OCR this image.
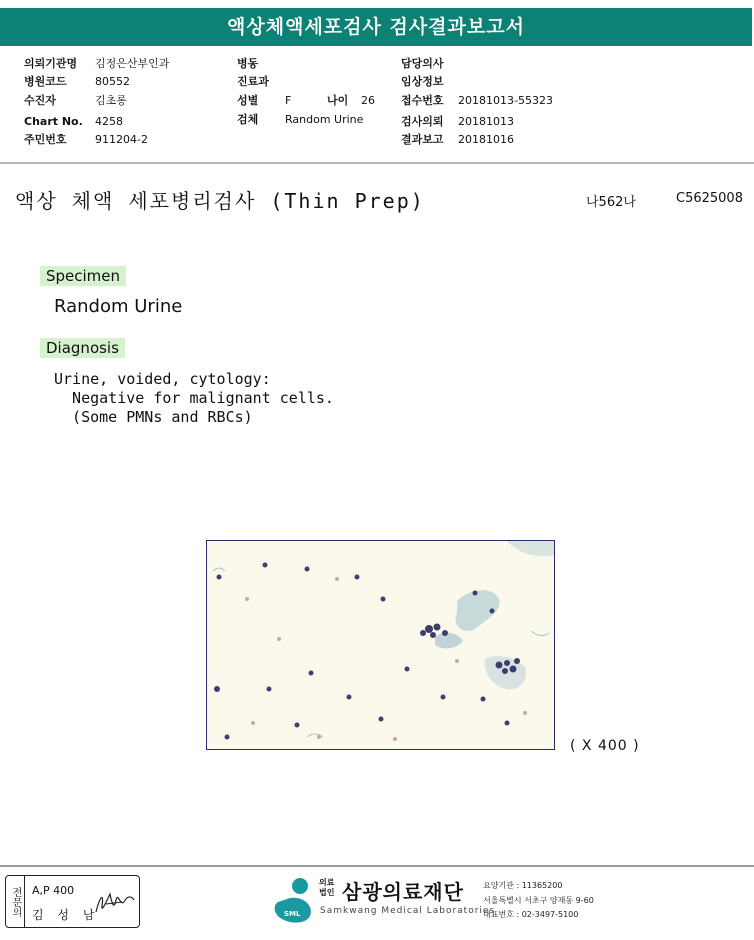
액상체액세포검사 검사결과보고서
의뢰기관명 김정은산부인과
병원코드	80552
수진자	김초롱
Chart No. 4258
주민번호	911204-2
병동
진료과
성별 F	나이 26
검체 Random Urine
담당의사
임상정보
접수번호 20181013-55323
검사의뢰 20181013
결과보고 20181016
액상 체액 세포병리검사 (Thin Prep)	나562나	C5625008
Specimen
Random Urine
Diagnosis
Urine, voided, cytology:
Negative for malignant cells.
(Some PMNs and RBCs)
( X 400 )
전문의	A,P 400
김 성 남	SML
의료
법인 삼광의료재단
Samkwang Medical Laboratories
요양기관 : 11365200
서울특별시 서초구 양재동 9-60
대표번호 : 02-3497-5100
